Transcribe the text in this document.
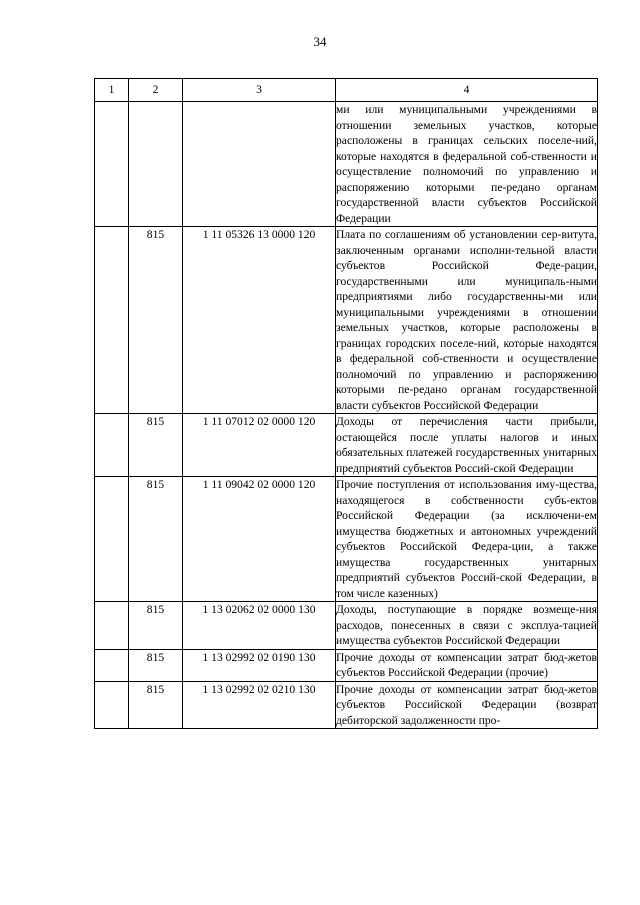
34
1	2	3	4

			ми или муниципальными учреждениями в отношении земельных участков, которые расположены в границах сельских поселе-ний, которые находятся в федеральной соб-ственности и осуществление полномочий по управлению и распоряжению которыми пе-редано органам государственной власти субъектов Российской Федерации

	815	1 11 05326 13 0000 120	Плата по соглашениям об установлении сер-витута, заключенным органами исполни-тельной власти субъектов Российской Феде-рации, государственными или муниципаль-ными предприятиями либо государственны-ми или муниципальными учреждениями в отношении земельных участков, которые расположены в границах городских поселе-ний, которые находятся в федеральной соб-ственности и осуществление полномочий по управлению и распоряжению которыми пе-редано органам государственной власти субъектов Российской Федерации

	815	1 11 07012 02 0000 120	Доходы от перечисления части прибыли, остающейся после уплаты налогов и иных обязательных платежей государственных унитарных предприятий субъектов Россий-ской Федерации

	815	1 11 09042 02 0000 120	Прочие поступления от использования иму-щества, находящегося в собственности субъ-ектов Российской Федерации (за исключени-ем имущества бюджетных и автономных учреждений субъектов Российской Федера-ции, а также имущества государственных унитарных предприятий субъектов Россий-ской Федерации, в том числе казенных)

	815	1 13 02062 02 0000 130	Доходы, поступающие в порядке возмеще-ния расходов, понесенных в связи с эксплуа-тацией имущества субъектов Российской Федерации

	815	1 13 02992 02 0190 130	Прочие доходы от компенсации затрат бюд-жетов субъектов Российской Федерации (прочие)

	815	1 13 02992 02 0210 130	Прочие доходы от компенсации затрат бюд-жетов субъектов Российской Федерации (возврат дебиторской задолженности про-
